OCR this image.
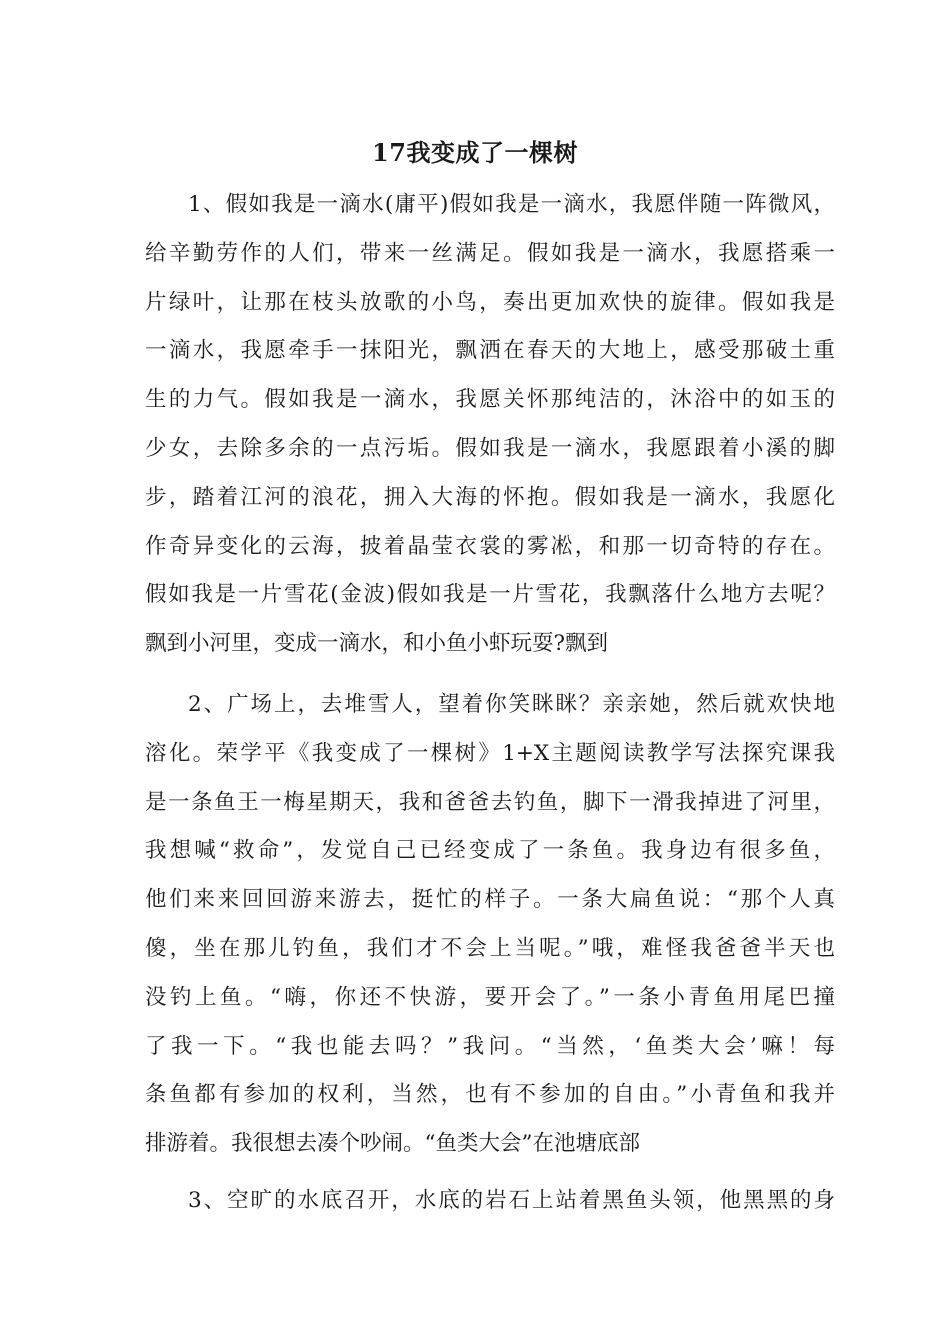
17我变成了一棵树
1、假如我是一滴水(庸平)假如我是一滴水，我愿伴随一阵微风，
给辛勤劳作的人们，带来一丝满足。假如我是一滴水，我愿搭乘一
片绿叶，让那在枝头放歌的小鸟，奏出更加欢快的旋律。假如我是
一滴水，我愿牵手一抹阳光，飘洒在春天的大地上，感受那破土重
生的力气。假如我是一滴水，我愿关怀那纯洁的，沐浴中的如玉的
少女，去除多余的一点污垢。假如我是一滴水，我愿跟着小溪的脚
步，踏着江河的浪花，拥入大海的怀抱。假如我是一滴水，我愿化
作奇异变化的云海，披着晶莹衣裳的雾凇，和那一切奇特的存在。
假如我是一片雪花(金波)假如我是一片雪花，我飘落什么地方去呢？
飘到小河里，变成一滴水，和小鱼小虾玩耍?飘到
2、广场上，去堆雪人，望着你笑眯眯？亲亲她，然后就欢快地
溶化。荣学平《我变成了一棵树》1+X主题阅读教学写法探究课我
是一条鱼王一梅星期天，我和爸爸去钓鱼，脚下一滑我掉进了河里，
我想喊“救命”，发觉自己已经变成了一条鱼。我身边有很多鱼，
他们来来回回游来游去，挺忙的样子。一条大扁鱼说：“那个人真
傻，坐在那儿钓鱼，我们才不会上当呢。”哦，难怪我爸爸半天也
没钓上鱼。“嗨，你还不快游，要开会了。”一条小青鱼用尾巴撞
了我一下。“我也能去吗？”我问。“当然，‘鱼类大会’嘛！每
条鱼都有参加的权利，当然，也有不参加的自由。”小青鱼和我并
排游着。我很想去凑个吵闹。“鱼类大会”在池塘底部
3、空旷的水底召开，水底的岩石上站着黑鱼头领，他黑黑的身
